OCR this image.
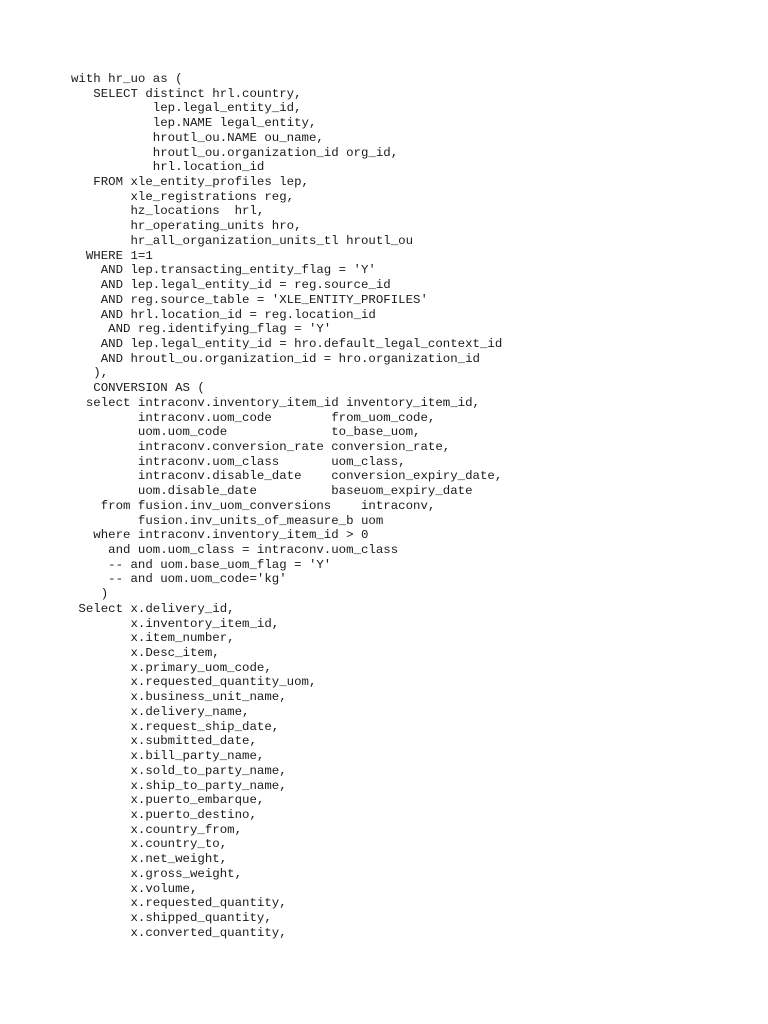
with hr_uo as (
SELECT distinct hrl.country,
lep.legal_entity_id,
lep.NAME legal_entity,
hroutl_ou.NAME ou_name,
hroutl_ou.organization_id org_id,
hrl.location_id
FROM xle_entity_profiles lep,
xle_registrations reg,
hz_locations  hrl,
hr_operating_units hro,
hr_all_organization_units_tl hroutl_ou
WHERE 1=1
AND lep.transacting_entity_flag = 'Y'
AND lep.legal_entity_id = reg.source_id
AND reg.source_table = 'XLE_ENTITY_PROFILES'
AND hrl.location_id = reg.location_id
AND reg.identifying_flag = 'Y'
AND lep.legal_entity_id = hro.default_legal_context_id
AND hroutl_ou.organization_id = hro.organization_id
),
CONVERSION AS (
select intraconv.inventory_item_id inventory_item_id,
intraconv.uom_code        from_uom_code,
uom.uom_code              to_base_uom,
intraconv.conversion_rate conversion_rate,
intraconv.uom_class       uom_class,
intraconv.disable_date    conversion_expiry_date,
uom.disable_date          baseuom_expiry_date
from fusion.inv_uom_conversions    intraconv,
fusion.inv_units_of_measure_b uom
where intraconv.inventory_item_id > 0
and uom.uom_class = intraconv.uom_class
-- and uom.base_uom_flag = 'Y'
-- and uom.uom_code='kg'
)
Select x.delivery_id,
x.inventory_item_id,
x.item_number,
x.Desc_item,
x.primary_uom_code,
x.requested_quantity_uom,
x.business_unit_name,
x.delivery_name,
x.request_ship_date,
x.submitted_date,
x.bill_party_name,
x.sold_to_party_name,
x.ship_to_party_name,
x.puerto_embarque,
x.puerto_destino,
x.country_from,
x.country_to,
x.net_weight,
x.gross_weight,
x.volume,
x.requested_quantity,
x.shipped_quantity,
x.converted_quantity,
